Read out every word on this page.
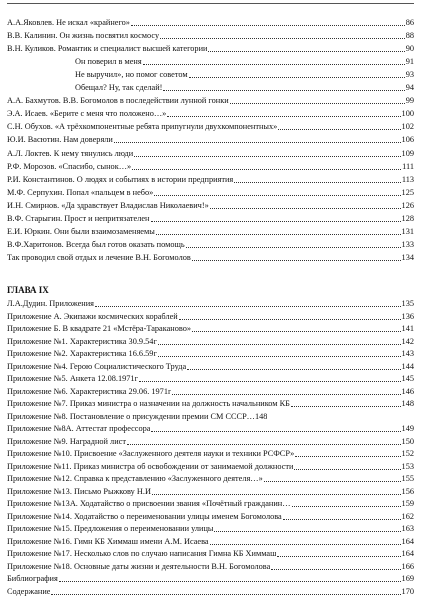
А.А.Яковлев. Не искал «крайнего»	86
В.В. Калинин. Он жизнь посвятил космосу	88
В.Н. Куликов. Романтик и специалист высшей категории	90
Он поверил в меня	91
Не выручил», но помог советом	93
Обещал? Ну, так сделай!	94
А.А. Бахмутов. В.В. Богомолов в последействии лунной гонки	99
Э.А. Исаев. «Берите с меня что положено…»	100
С.Н. Обухов. «А трёхкомпонентные ребята припугнули двухкомпонентных»	102
Ю.И. Васютин. Нам доверяли	106
А.Л. Локтев. К нему тянулись люди	109
Р.Ф. Морозов. «Спасибо, сынок…»	111
Р.И. Константинов. О людях и событиях в истории предприятия	113
М.Ф. Серпухин. Попал «пальцем в небо»	125
И.Н. Смирнов. «Да здравствует Владислав Николаевич!»	126
В.Ф. Старыгин. Прост и непритязателен	128
Е.И. Юркин. Они были взаимозаменяемы	131
В.Ф.Харитонов. Всегда был готов оказать помощь	133
Так проводил свой отдых и лечение В.Н. Богомолов	134
ГЛАВА IX
Л.А.Дудин. Приложения	135
Приложение А. Экипажи космических кораблей	136
Приложение Б. В квадрате 21 «Мстёра-Тараканово»	141
Приложение №1. Характеристика 30.9.54г	142
Приложение №2. Характеристика 16.6.59г	143
Приложение №4. Герою Социалистического Труда	144
Приложение №5. Анкета 12.08.1971г	145
Приложение №6. Характеристика 29.06. 1971г	146
Приложение №7. Приказ министра о назначении на должность начальником КБ	148
Приложение №8. Постановление о присуждении премии СМ СССР…148
Приложение №8А. Аттестат профессора	149
Приложение №9. Наградной лист	150
Приложение №10. Присвоение «Заслуженного деятеля науки и техники РСФСР»	152
Приложение №11. Приказ министра об освобождении от занимаемой должности	153
Приложение №12. Справка к представлению «Заслуженного деятеля…»	155
Приложение №13. Письмо Рыжкову Н.И	156
Приложение №13А. Ходатайство о присвоении звания «Почётный гражданин…	159
Приложение №14. Ходатайство о переименовании улицы именем Богомолова	162
Приложение №15. Предложения о переименовании улицы	163
Приложение №16. Гимн КБ Химмаш имени А.М. Исаева	164
Приложение №17. Несколько слов по случаю написания Гимна КБ Химмаш	164
Приложение №18. Основные даты жизни и деятельности В.Н. Богомолова	166
Библиография	169
Содержание	170
